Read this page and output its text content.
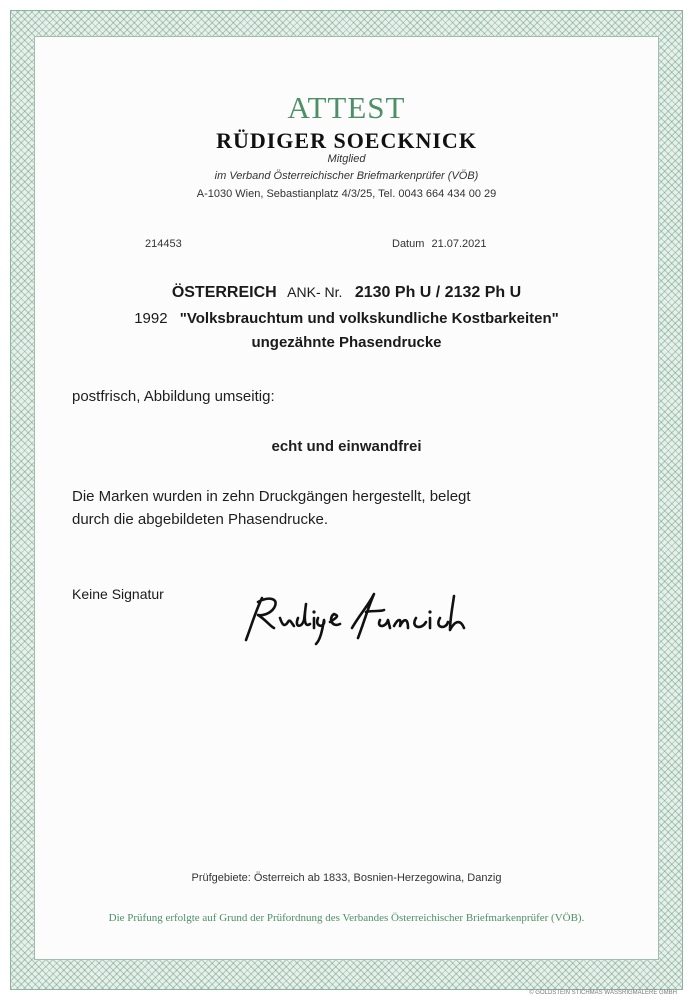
ATTEST
RÜDIGER SOECKNICK
Mitglied
im Verband Österreichischer Briefmarkenprüfer (VÖB)
A-1030 Wien, Sebastianplatz 4/3/25, Tel. 0043 664 434 00 29
214453	Datum 21.07.2021
ÖSTERREICH ANK- Nr. 2130 Ph U / 2132 Ph U
1992 "Volksbrauchtum und volkskundliche Kostbarkeiten"
ungezähnte Phasendrucke
postfrisch, Abbildung umseitig:
echt und einwandfrei
Die Marken wurden in zehn Druckgängen hergestellt, belegt
durch die abgebildeten Phasendrucke.
Keine Signatur
Prüfgebiete: Österreich ab 1833, Bosnien-Herzegowina, Danzig
Die Prüfung erfolgte auf Grund der Prüfordnung des Verbandes Österreichischer Briefmarkenprüfer (VÖB).
© GOLDSTEIN STICHMAS WÄSSRIGMALERE GMBH
